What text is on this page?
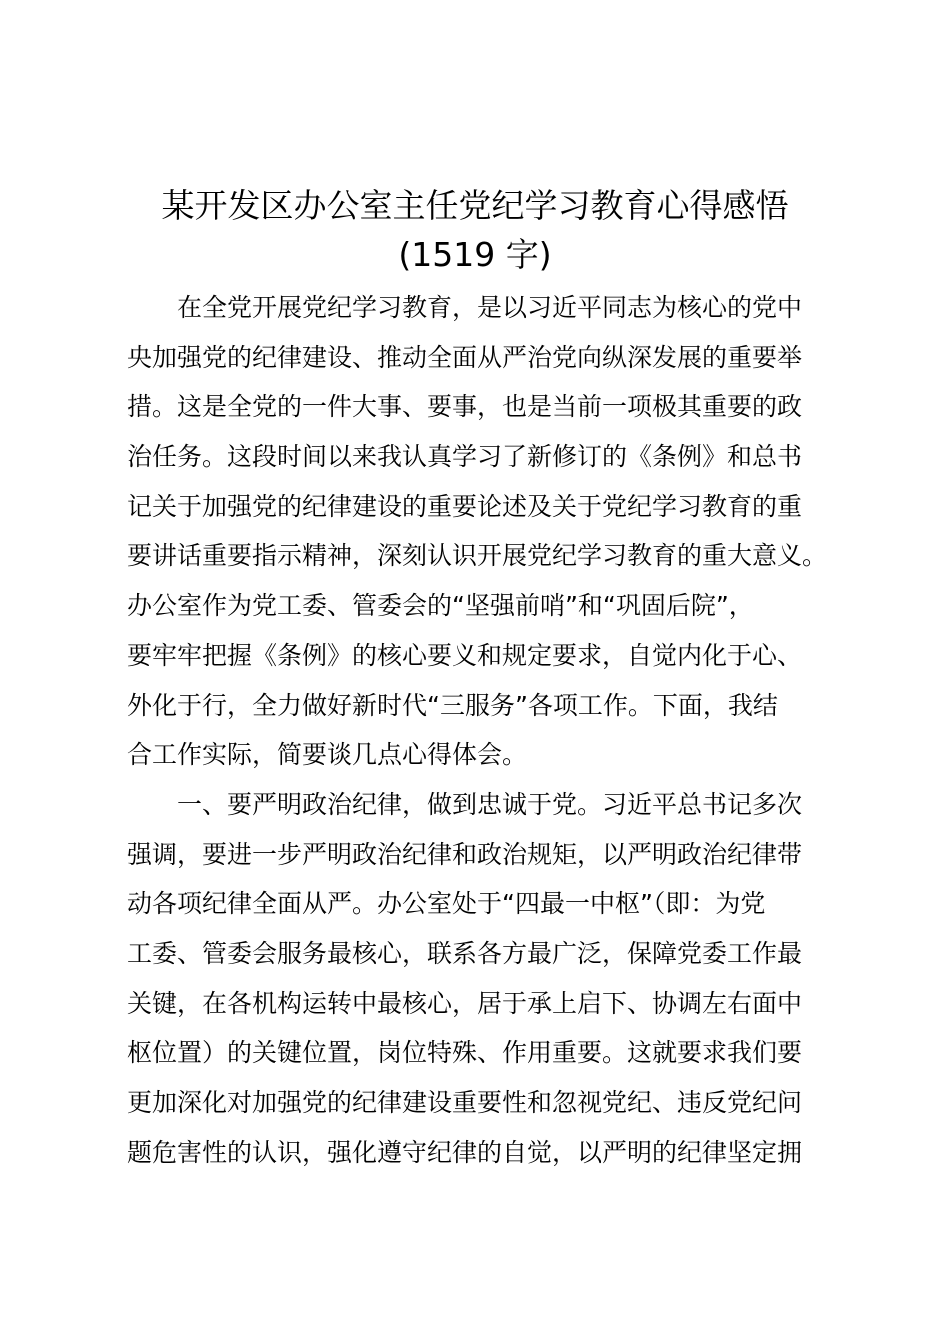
某开发区办公室主任党纪学习教育心得感悟
(1519 字)
在全党开展党纪学习教育，是以习近平同志为核心的党中
央加强党的纪律建设、推动全面从严治党向纵深发展的重要举
措。这是全党的一件大事、要事，也是当前一项极其重要的政
治任务。这段时间以来我认真学习了新修订的《条例》和总书
记关于加强党的纪律建设的重要论述及关于党纪学习教育的重
要讲话重要指示精神，深刻认识开展党纪学习教育的重大意义。
办公室作为党工委、管委会的“坚强前哨”和“巩固后院”，
要牢牢把握《条例》的核心要义和规定要求，自觉内化于心、
外化于行，全力做好新时代“三服务”各项工作。下面，我结
合工作实际，简要谈几点心得体会。
一、要严明政治纪律，做到忠诚于党。习近平总书记多次
强调，要进一步严明政治纪律和政治规矩，以严明政治纪律带
动各项纪律全面从严。办公室处于“四最一中枢”（即：为党
工委、管委会服务最核心，联系各方最广泛，保障党委工作最
关键，在各机构运转中最核心，居于承上启下、协调左右面中
枢位置）的关键位置，岗位特殊、作用重要。这就要求我们要
更加深化对加强党的纪律建设重要性和忽视党纪、违反党纪问
题危害性的认识，强化遵守纪律的自觉，以严明的纪律坚定拥
